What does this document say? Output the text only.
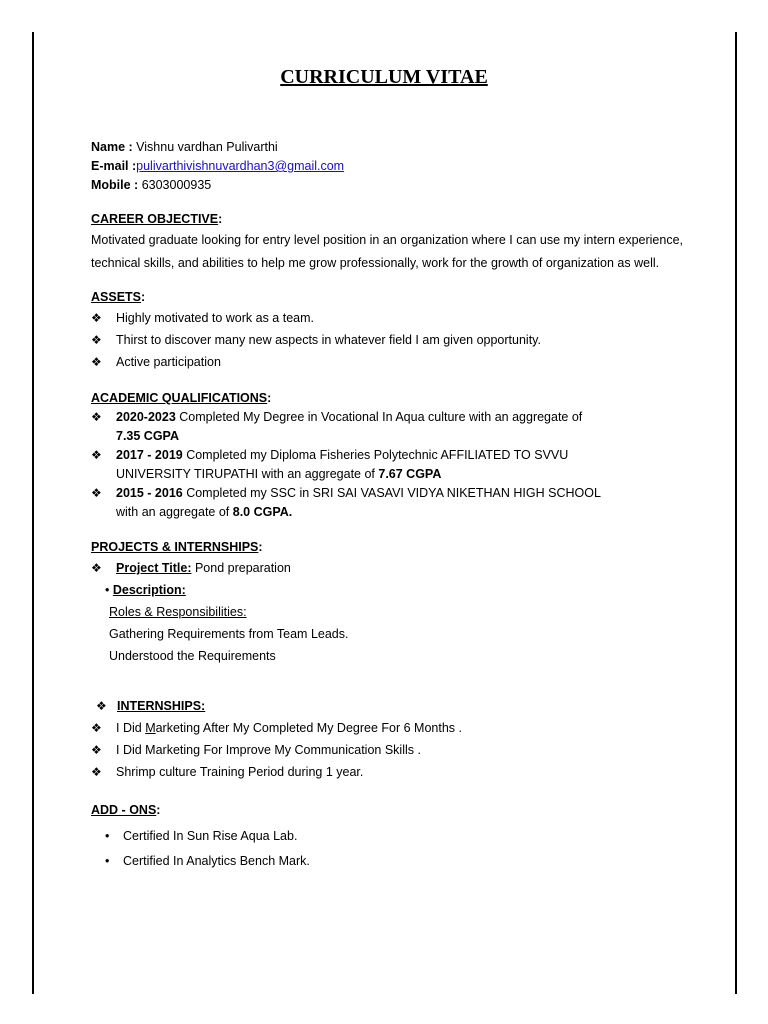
CURRICULUM VITAE
Name : Vishnu vardhan Pulivarthi
E-mail :pulivarthivishnuvardhan3@gmail.com
Mobile : 6303000935
CAREER OBJECTIVE:
Motivated graduate looking for entry level position in an organization where I can use my intern experience, technical skills, and abilities to help me grow professionally, work for the growth of organization as well.
ASSETS:
❖ Highly motivated to work as a team.
❖ Thirst to discover many new aspects in whatever field I am given opportunity.
❖ Active participation
ACADEMIC QUALIFICATIONS:
❖ 2020-2023 Completed My Degree in Vocational In Aqua culture with an aggregate of
7.35 CGPA
❖ 2017 - 2019 Completed my Diploma Fisheries Polytechnic AFFILIATED TO SVVU
UNIVERSITY TIRUPATHI with an aggregate of 7.67 CGPA
❖ 2015 - 2016 Completed my SSC in SRI SAI VASAVI VIDYA NIKETHAN HIGH SCHOOL
with an aggregate of 8.0 CGPA.
PROJECTS & INTERNSHIPS:
❖ Project Title: Pond preparation
• Description:
Roles & Responsibilities:
Gathering Requirements from Team Leads.
Understood the Requirements
❖ INTERNSHIPS:
❖ I Did Marketing After My Completed My Degree For 6 Months .
❖ I Did Marketing For Improve My Communication Skills .
❖ Shrimp culture Training Period during 1 year.
ADD - ONS:
• Certified In Sun Rise Aqua Lab.
• Certified In Analytics Bench Mark.
